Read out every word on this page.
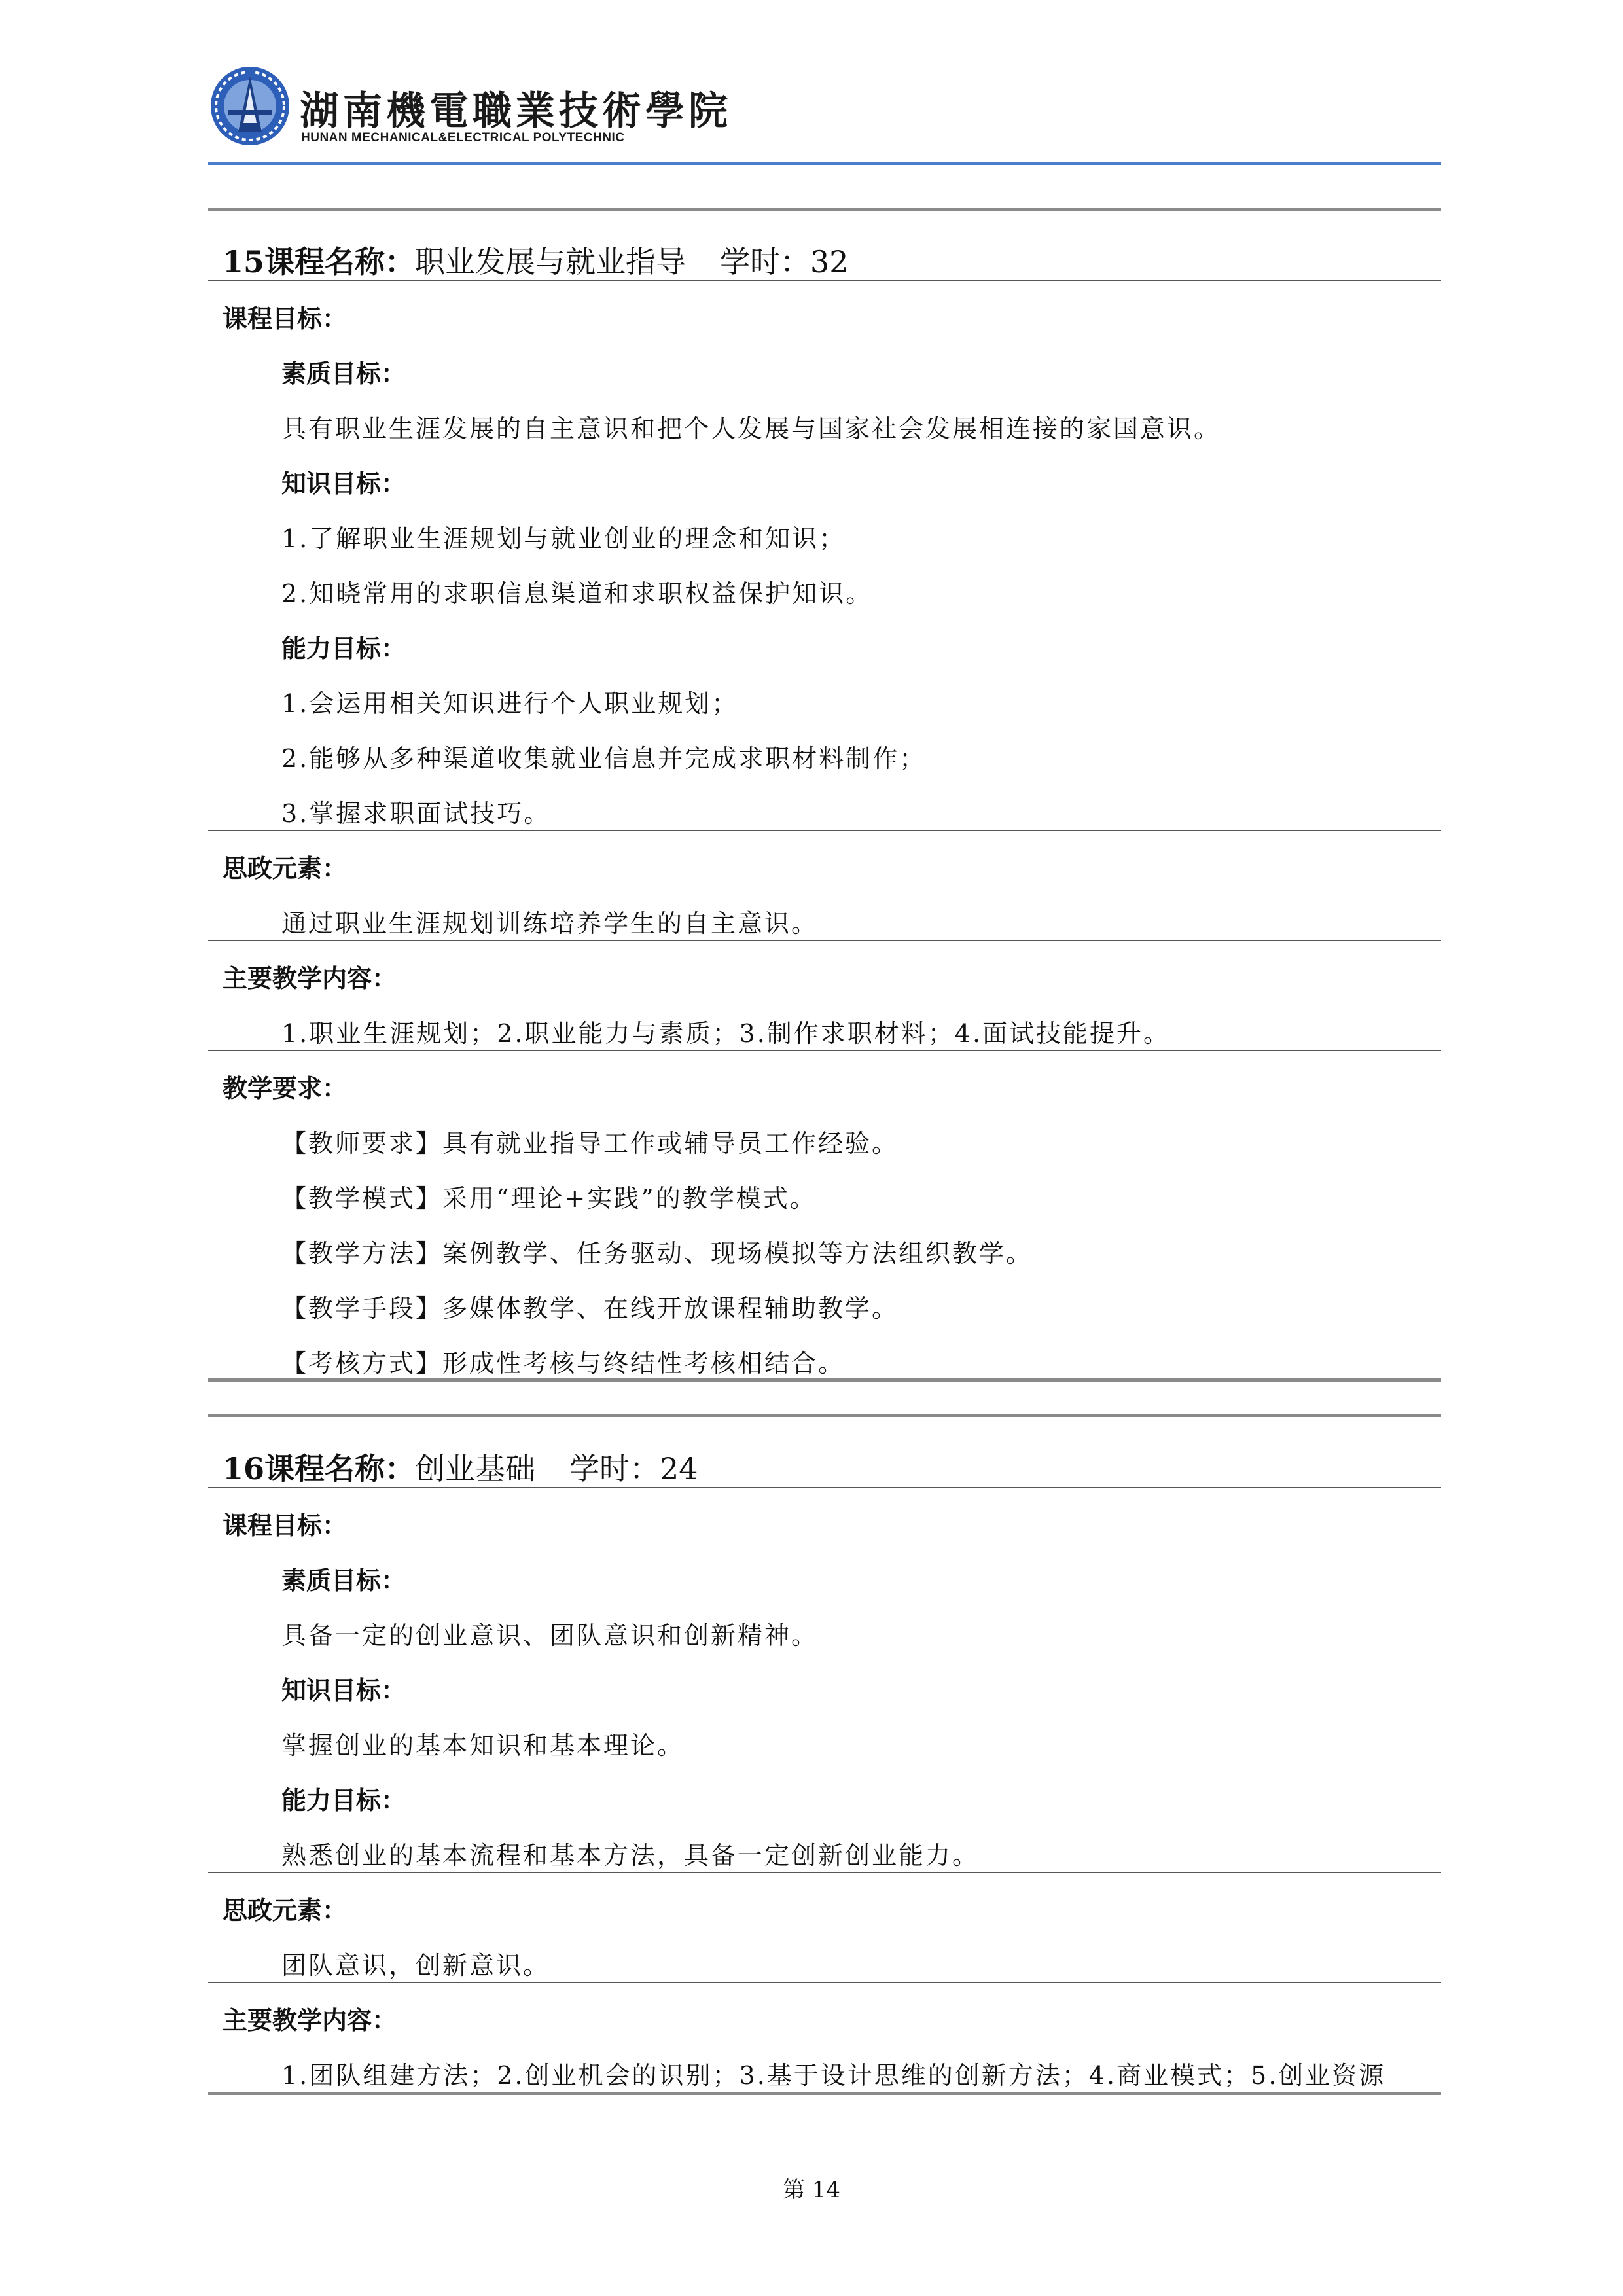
湖南機電職業技術學院
HUNAN MECHANICAL&ELECTRICAL POLYTECHNIC
15课程名称：职业发展与就业指导 学时：32
课程目标：
素质目标：
具有职业生涯发展的自主意识和把个人发展与国家社会发展相连接的家国意识。
知识目标：
1.了解职业生涯规划与就业创业的理念和知识；
2.知晓常用的求职信息渠道和求职权益保护知识。
能力目标：
1.会运用相关知识进行个人职业规划；
2.能够从多种渠道收集就业信息并完成求职材料制作；
3.掌握求职面试技巧。
思政元素：
通过职业生涯规划训练培养学生的自主意识。
主要教学内容：
1.职业生涯规划；2.职业能力与素质；3.制作求职材料；4.面试技能提升。
教学要求：
【教师要求】具有就业指导工作或辅导员工作经验。
【教学模式】采用“理论+实践”的教学模式。
【教学方法】案例教学、任务驱动、现场模拟等方法组织教学。
【教学手段】多媒体教学、在线开放课程辅助教学。
【考核方式】形成性考核与终结性考核相结合。
16课程名称：创业基础 学时：24
课程目标：
素质目标：
具备一定的创业意识、团队意识和创新精神。
知识目标：
掌握创业的基本知识和基本理论。
能力目标：
熟悉创业的基本流程和基本方法，具备一定创新创业能力。
思政元素：
团队意识，创新意识。
主要教学内容：
1.团队组建方法；2.创业机会的识别；3.基于设计思维的创新方法；4.商业模式；5.创业资源
第 14
